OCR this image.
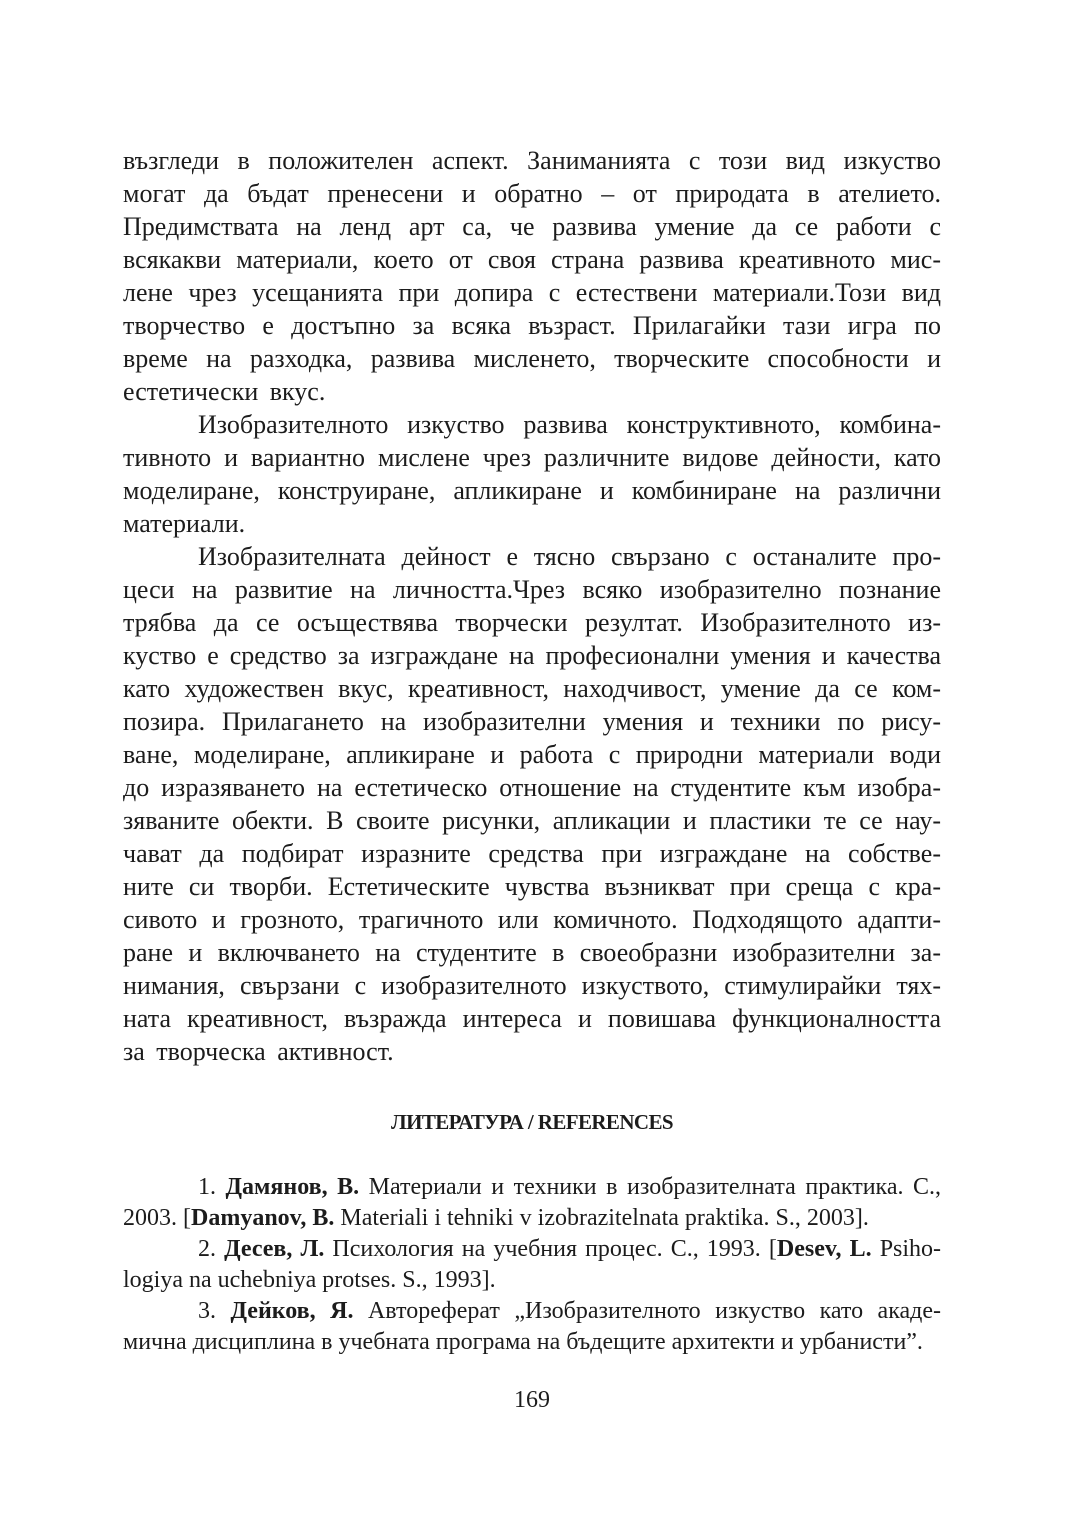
възгледи в положителен аспект. Заниманията с този вид изкуство
могат да бъдат пренесени и обратно – от природата в ателието.
Предимствата на ленд арт са, че развива умение да се работи с
всякакви материали, което от своя страна развива креативното мис-
лене чрез усещанията при допира с естествени материали.Този вид
творчество е достъпно за всяка възраст. Прилагайки тази игра по
време на разходка, развива мисленето, творческите способности и
естетически вкус.
Изобразителното изкуство развива конструктивното, комбина-
тивното и вариантно мислене чрез различните видове дейности, като
моделиране, конструиране, апликиране и комбиниране на различни
материали.
Изобразителната дейност е тясно свързано с останалите про-
цеси на развитие на личността.Чрез всяко изобразително познание
трябва да се осъществява творчески резултат. Изобразителното из-
куство е средство за изграждане на професионални умения и качества
като художествен вкус, креативност, находчивост, умение да се ком-
позира. Прилагането на изобразителни умения и техники по рису-
ване, моделиране, апликиране и работа с природни материали води
до изразяването на естетическо отношение на студентите към изобра-
зяваните обекти. В своите рисунки, апликации и пластики те се нау-
чават да подбират изразните средства при изграждане на собстве-
ните си творби. Естетическите чувства възникват при среща с кра-
сивото и грозното, трагичното или комичното. Подходящото адапти-
ране и включването на студентите в своеобразни изобразителни за-
нимания, свързани с изобразителното изкуството, стимулирайки тях-
ната креативност, възражда интереса и повишава функционалността
за творческа активност.
ЛИТЕРАТУРА / REFERENCES
1. Дамянов, В. Материали и техники в изобразителната практика. С.,
2003. [Damyanov, B. Materiali i tehniki v izobrazitelnata praktika. S., 2003].
2. Десев, Л. Психология на учебния процес. С., 1993. [Desev, L. Psiho-
logiya na uchebniya protses. S., 1993].
3. Дейков, Я. Автореферат „Изобразителното изкуство като акаде-
мична дисциплина в учебната програма на бъдещите архитекти и урбанисти”.
169
